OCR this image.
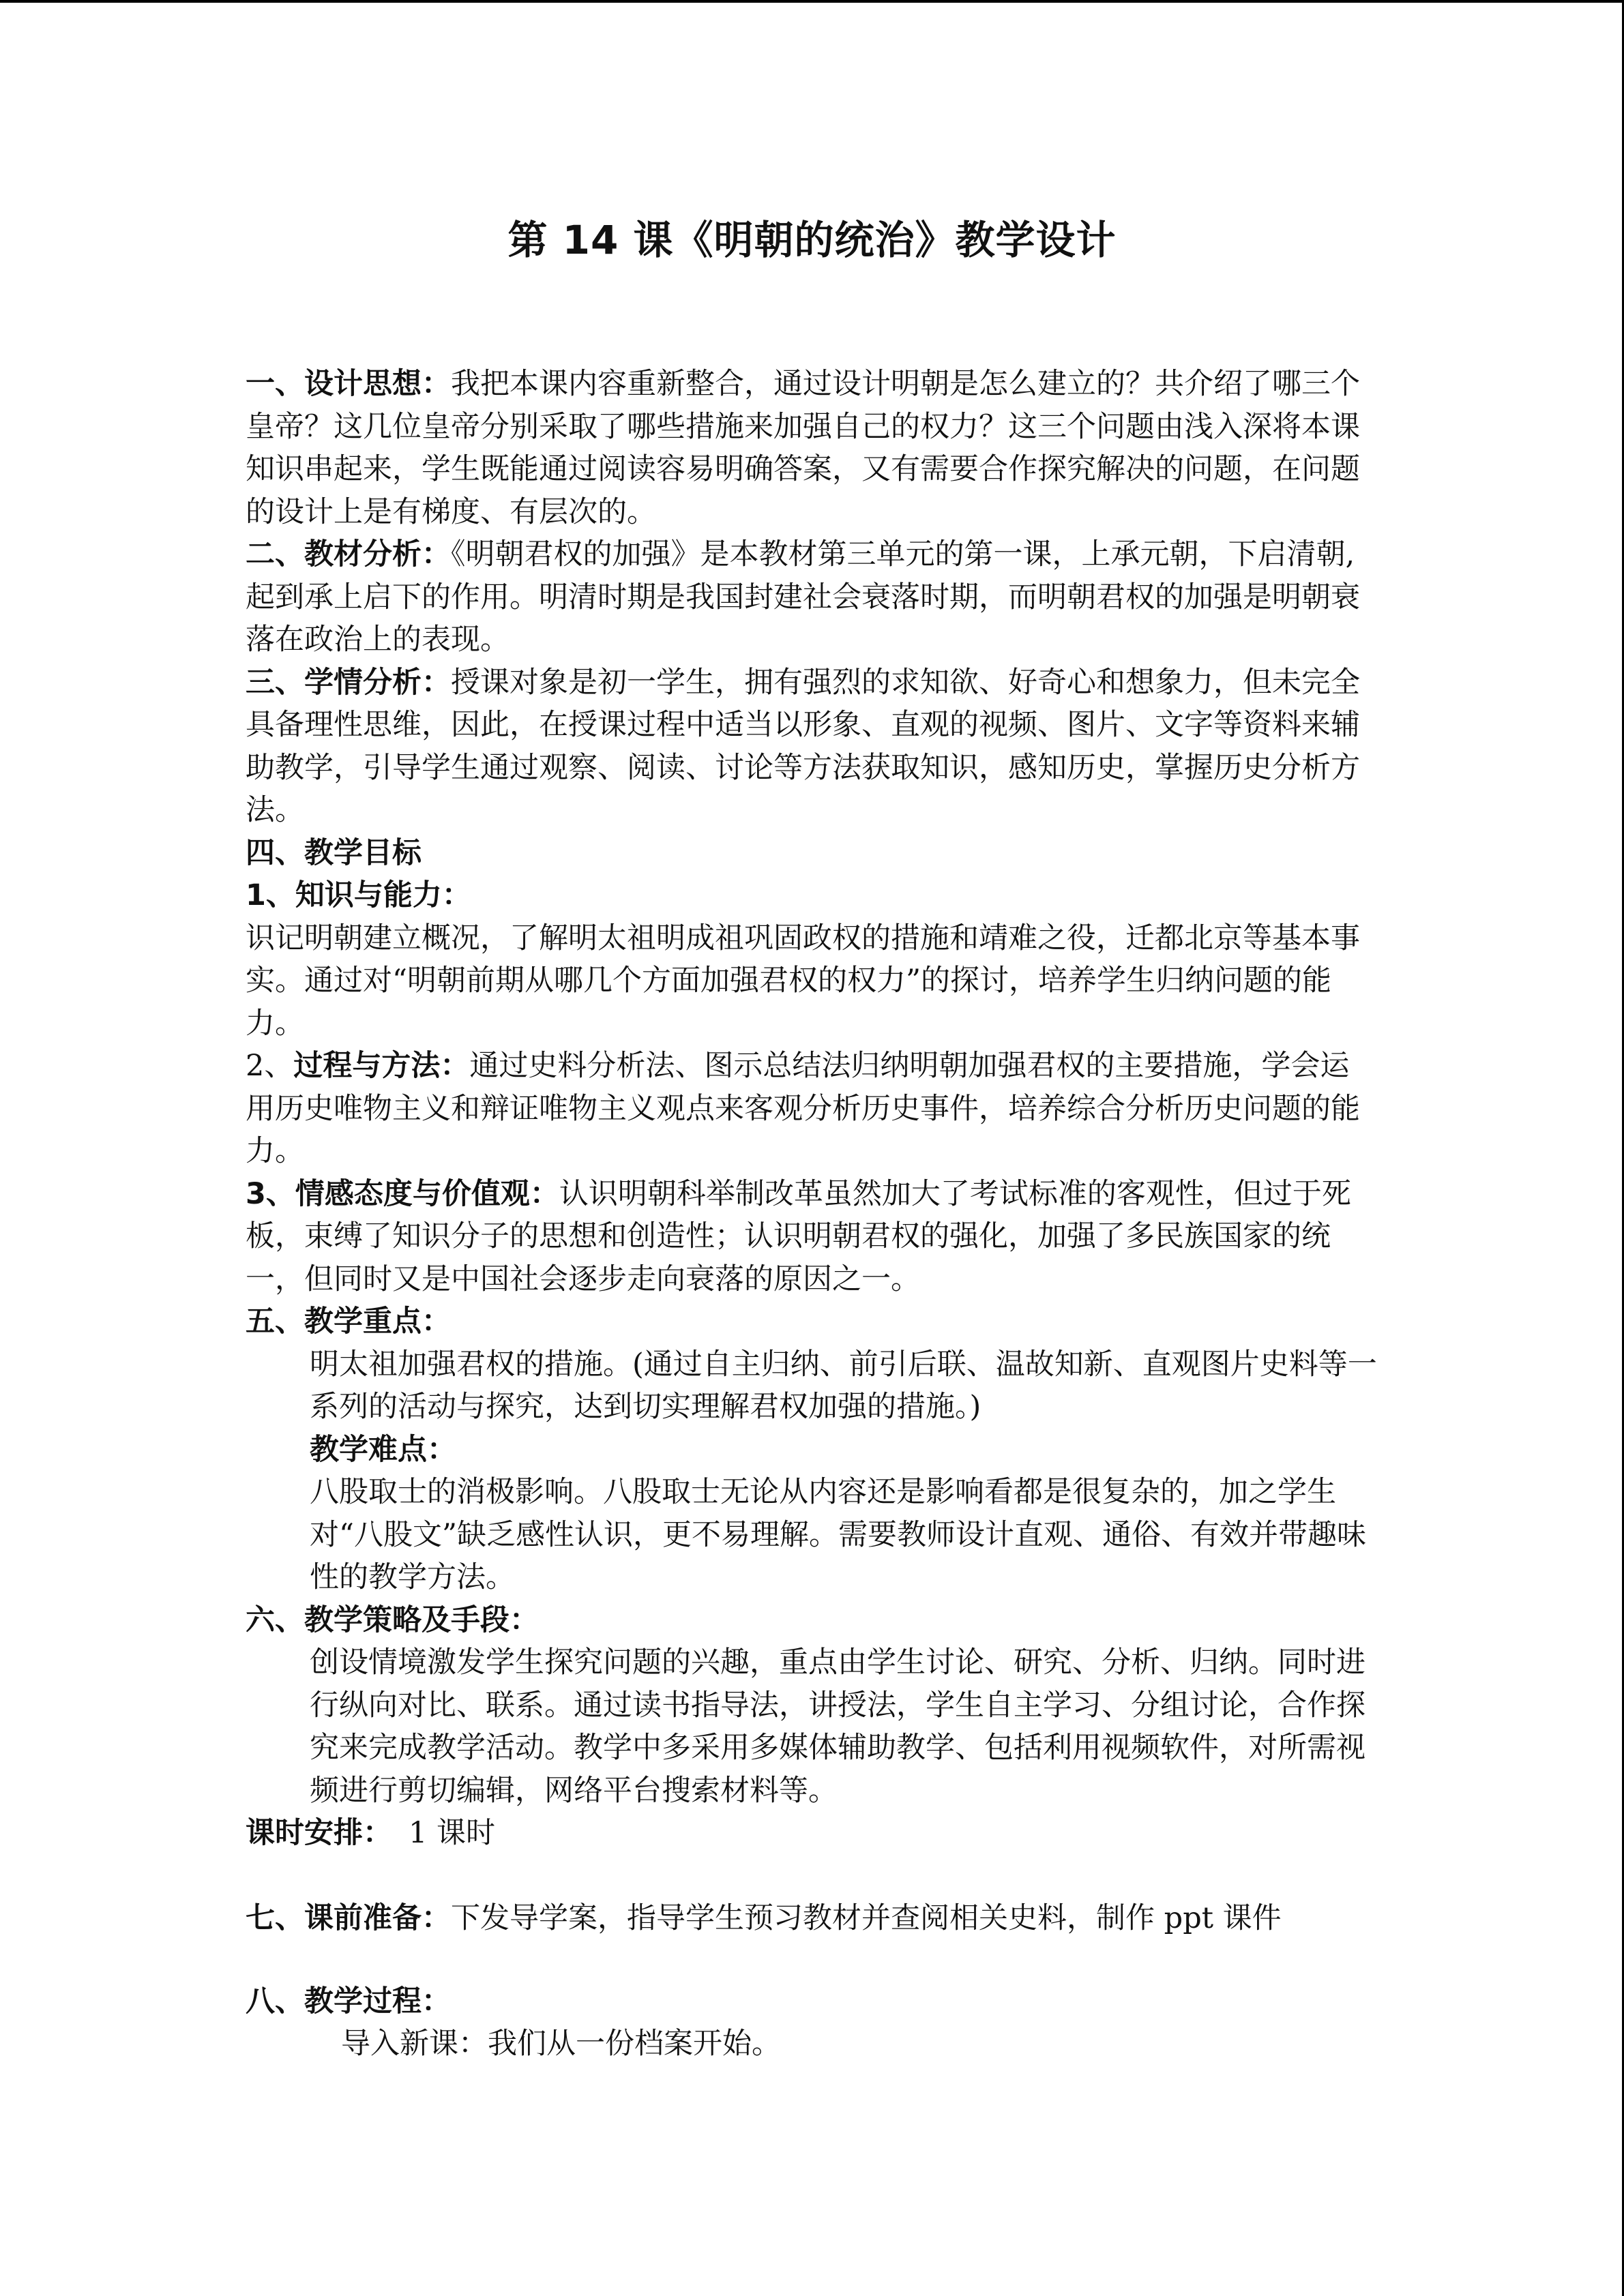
第 14 课《明朝的统治》教学设计

一、设计思想：我把本课内容重新整合，通过设计明朝是怎么建立的？共介绍了哪三个皇帝？这几位皇帝分别采取了哪些措施来加强自己的权力？这三个问题由浅入深将本课知识串起来，学生既能通过阅读容易明确答案，又有需要合作探究解决的问题，在问题的设计上是有梯度、有层次的。

二、教材分析：《明朝君权的加强》是本教材第三单元的第一课，上承元朝，下启清朝,起到承上启下的作用。明清时期是我国封建社会衰落时期，而明朝君权的加强是明朝衰落在政治上的表现。

三、学情分析：授课对象是初一学生，拥有强烈的求知欲、好奇心和想象力，但未完全具备理性思维，因此，在授课过程中适当以形象、直观的视频、图片、文字等资料来辅助教学，引导学生通过观察、阅读、讨论等方法获取知识，感知历史，掌握历史分析方法。

四、教学目标

1、知识与能力：

识记明朝建立概况，了解明太祖明成祖巩固政权的措施和靖难之役，迁都北京等基本事实。通过对“明朝前期从哪几个方面加强君权的权力”的探讨，培养学生归纳问题的能力。

2、过程与方法：通过史料分析法、图示总结法归纳明朝加强君权的主要措施，学会运用历史唯物主义和辩证唯物主义观点来客观分析历史事件，培养综合分析历史问题的能力。

3、情感态度与价值观：认识明朝科举制改革虽然加大了考试标准的客观性，但过于死板，束缚了知识分子的思想和创造性；认识明朝君权的强化，加强了多民族国家的统一，但同时又是中国社会逐步走向衰落的原因之一。

五、教学重点：

明太祖加强君权的措施。(通过自主归纳、前引后联、温故知新、直观图片史料等一系列的活动与探究，达到切实理解君权加强的措施。)

教学难点：

八股取士的消极影响。八股取士无论从内容还是影响看都是很复杂的，加之学生对“八股文”缺乏感性认识，更不易理解。需要教师设计直观、通俗、有效并带趣味性的教学方法。

六、教学策略及手段：

创设情境激发学生探究问题的兴趣，重点由学生讨论、研究、分析、归纳。同时进行纵向对比、联系。通过读书指导法，讲授法，学生自主学习、分组讨论，合作探究来完成教学活动。教学中多采用多媒体辅助教学、包括利用视频软件，对所需视频进行剪切编辑，网络平台搜索材料等。

课时安排： 1 课时

七、课前准备：下发导学案，指导学生预习教材并查阅相关史料，制作 ppt 课件

八、教学过程：

导入新课：我们从一份档案开始。
